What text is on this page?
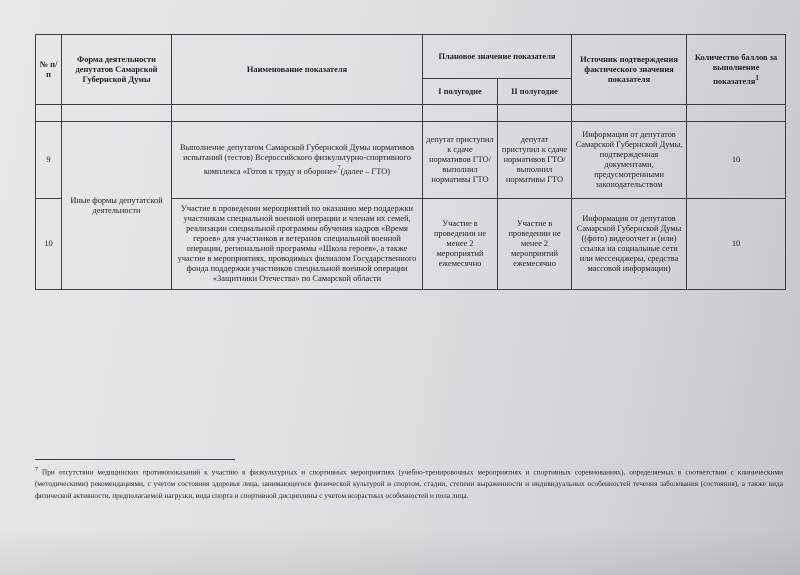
№ п/п	Форма деятельности депутатов Самарской Губернской Думы	Наименование показателя	Плановое значение показателя		Источник подтверждения фактического значения показателя	Количество баллов за выполнение показателя$^1$
			I полугодие	II полугодие		

9	Иные формы депутатской деятельности	Выполнение депутатом Самарской Губернской Думы нормативов испытаний (тестов) Всероссийского физкультурно-спортивного комплекса «Готов к труду и обороне»$^7$(далее – ГТО)	депутат приступил к сдаче нормативов ГТО/ выполнил нормативы ГТО	депутат приступил к сдаче нормативов ГТО/ выполнил нормативы ГТО	Информация от депутатов Самарской Губернской Думы, подтвержденная документами, предусмотренными законодательством	10
10		Участие в проведении мероприятий по оказанию мер поддержки участникам специальной военной операции и членам их семей, реализации специальной программы обучения кадров «Время героев» для участников и ветеранов специальной военной операции, региональной программы «Школа героев», а также участие в мероприятиях, проводимых филиалом Государственного фонда поддержки участников специальной военной операции «Защитники Отечества» по Самарской области	Участие в проведении не менее 2 мероприятий ежемесячно	Участие в проведении не менее 2 мероприятий ежемесячно	Информация от депутатов Самарской Губернской Думы ((фото) видеоотчет и (или) ссылка на социальные сети или мессенджеры, средства массовой информации)	10
$^7$ При отсутствии медицинских противопоказаний к участию в физкультурных и спортивных мероприятиях (учебно-тренировочных мероприятиях и спортивных соревнованиях), определяемых в соответствии с клиническими (методическими) рекомендациями, с учетом состояния здоровья лица, занимающегося физической культурой и спортом, стадии, степени выраженности и индивидуальных особенностей течения заболевания (состояния), а также вида физической активности, предполагаемой нагрузки, вида спорта и спортивной дисциплины с учетом возрастных особенностей и пола лица.
